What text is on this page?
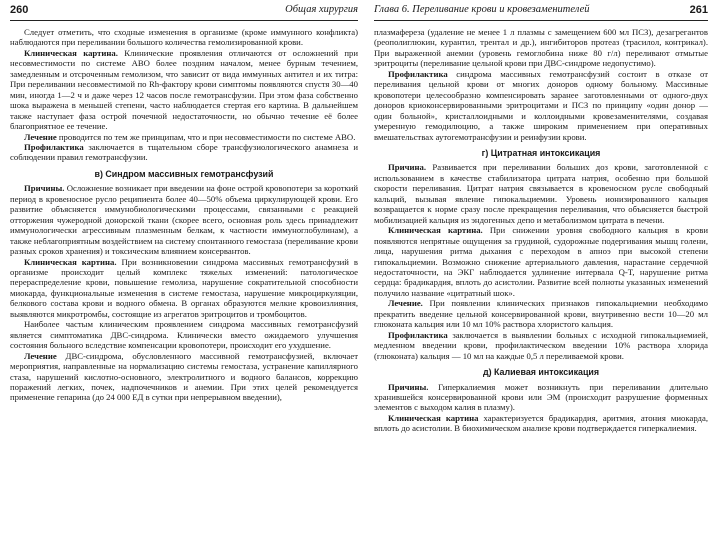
260	Общая хирургия

Следует отметить, что сходные изменения в организме (кроме иммунного конфликта) наблюдаются при переливании большого количества гемолизированной крови.

Клиническая картина. Клинические проявления отличаются от осложнений при несовместимости по системе АВО более поздним началом, менее бурным течением, замедленным и отсроченным гемолизом, что зависит от вида иммунных антител и их титра: При переливании несовместимой по Rh-фактору крови симптомы появляются спустя 30—40 мин, иногда 1—2 ч и даже через 12 часов после гемотрансфузии. При этом фаза собственно шока выражена в меньшей степени, часто наблюдается стертая его картина. В дальнейшем также наступает фаза острой почечной недостаточности, но обычно течение её более благоприятное ее течение.

Лечение проводится по тем же принципам, что и при несовместимости по системе АВО.

Профилактика заключается в тщательном сборе трансфузиологического анамнеза и соблюдении правил гемотрансфузии.

в) Синдром массивных гемотрансфузий

Причины. Осложнение возникает при введении на фоне острой кровопотери за короткий период в кровеносное русло реципиента более 40—50% объема циркулирующей крови. Его развитие объясняется иммунобиологическими процессами, связанными с реакцией отторжения чужеродной донорской ткани (скорее всего, основная роль здесь принадлежит иммунологически агрессивным плазменным белкам, к частности иммуноглобулинам), а также неблагоприятным воздействием на систему спонтанного гемостаза (переливание крови разных сроков хранения) и токсическим влиянием консервантов.

Клиническая картина. При возникновении синдрома массивных гемотрансфузий в организме происходит целый комплекс тяжелых изменений: патологическое перераспределение крови, повышение гемолиза, нарушение сократительной способности миокарда, функциональные изменения в системе гемостаза, нарушение микроциркуляции, белкового состава крови и водного обмена. В органах образуются мелкие кровоизлияния, выявляются микротромбы, состоящие из агрегатов эритроцитов и тромбоцитов.

Наиболее частым клиническим проявлением синдрома массивных гемотрансфузий является симптоматика ДВС-синдрома. Клинически вместо ожидаемого улучшения состояния больного вследствие компенсации кровопотери, происходит его ухудшение.

Лечение ДВС-синдрома, обусловленного массивной гемотрансфузией, включает мероприятия, направленные на нормализацию системы гемостаза, устранение капиллярного стаза, нарушений кислотно-основного, электролитного и водного балансов, коррекцию поражений легких, почек, надпочечников и анемии. При этих целей рекомендуется применение гепарина (до 24 000 ЕД в сутки при непрерывном введении),

Глава 6. Переливание крови и кровезаменителей	261

плазмафереза (удаление не менее 1 л плазмы с замещением 600 мл ПСЗ), дезагрегантов (реополиглюкин, курантил, трентал и др.), ингибиторов протеаз (трасилол, контрикал). При выраженной анемии (уровень гемоглобина ниже 80 г/л) переливают отмытые эритроциты (переливание цельной крови при ДВС-синдроме недопустимо).

Профилактика синдрома массивных гемотрансфузий состоит в отказе от переливания цельной крови от многих доноров одному больному. Массивные кровопотери целесообразно компенсировать заранее заготовленными от одного-двух доноров криоконсервированными эритроцитами и ПСЗ по принципу «один донор — один больной», кристаллоидными и коллоидными кровезаменителями, создавая умеренную гемодилюцию, а также широким применением при оперативных вмешательствах аутогемотрансфузии и реинфузии крови.

г) Цитратная интоксикация

Причина. Развивается при переливании больших доз крови, заготовленной с использованием в качестве стабилизатора цитрата натрия, особенно при большой скорости переливания. Цитрат натрия связывается в кровеносном русле свободный кальций, вызывая явление гипокальциемии. Уровень ионизированного кальция возвращается к норме сразу после прекращения переливания, что объясняется быстрой мобилизацией кальция из эндогенных депо и метаболизмом цитрата в печени.

Клиническая картина. При снижении уровня свободного кальция в крови появляются непрятные ощущения за грудиной, судорожные подергивания мышц голени, лица, нарушения ритма дыхания с переходом в апноэ при высокой степени гипокальциемии. Возможно снижение артериального давления, нарастание сердечной недостаточности, на ЭКГ наблюдается удлинение интервала Q-T, нарушение ритма сердца: брадикардия, вплоть до асистолии. Развитие всей полноты указанных изменений получило название «цитратный шок».

Лечение. При появлении клинических признаков гипокальциемии необходимо прекратить введение цельной консервированной крови, внутривенно вести 10—20 мл глюконата кальция или 10 мл 10% раствора хлористого кальция.

Профилактика заключается в выявлении больных с исходной гипокальциемией, медленном введении крови, профилактическом введении 10% раствора хлорида (глюконата) кальция — 10 мл на каждые 0,5 л переливаемой крови.

д) Калиевая интоксикация

Причины. Гиперкалиемия может возникнуть при переливании длительно хранившейся консервированной крови или ЭМ (происходит разрушение форменных элементов с выходом калия в плазму).

Клиническая картина характеризуется брадикардия, аритмия, атония миокарда, вплоть до асистолии. В биохимическом анализе крови подтверждается гиперкалиемия.
